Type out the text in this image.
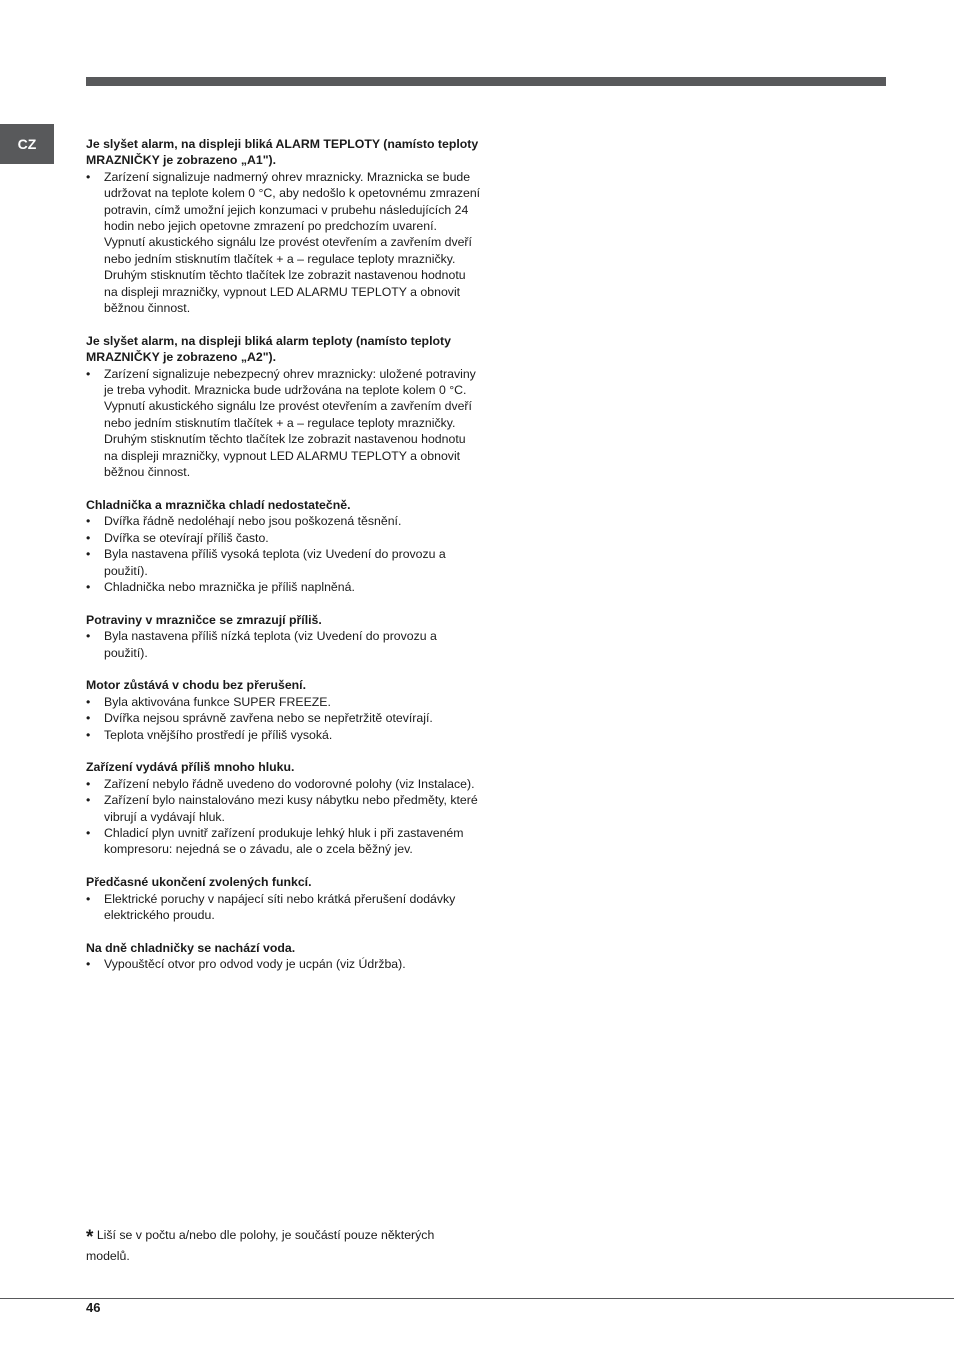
CZ	Je slyšet alarm, na displeji bliká ALARM TEPLOTY (namísto teploty MRAZNIČKY je zobrazeno „A1").

• Zarízení signalizuje nadmerný ohrev mraznicky. Mraznicka se bude udržovat na teplote kolem 0 °C, aby nedošlo k opetovnému zmrazení potravin, címž umožní jejich konzumaci v prubehu následujících 24 hodin nebo jejich opetovne zmrazení po predchozím uvarení. Vypnutí akustického signálu lze provést otevřením a zavřením dveří nebo jedním stisknutím tlačítek + a – regulace teploty mrazničky. Druhým stisknutím těchto tlačítek lze zobrazit nastavenou hodnotu na displeji mrazničky, vypnout LED ALARMU TEPLOTY a obnovit běžnou činnost.

Je slyšet alarm, na displeji bliká alarm teploty (namísto teploty MRAZNIČKY je zobrazeno „A2").

• Zarízení signalizuje nebezpecný ohrev mraznicky: uložené potraviny je treba vyhodit. Mraznicka bude udržována na teplote kolem 0 °C. Vypnutí akustického signálu lze provést otevřením a zavřením dveří nebo jedním stisknutím tlačítek + a – regulace teploty mrazničky. Druhým stisknutím těchto tlačítek lze zobrazit nastavenou hodnotu na displeji mrazničky, vypnout LED ALARMU TEPLOTY a obnovit běžnou činnost.

Chladnička a mraznička chladí nedostatečně.

• Dvířka řádně nedoléhají nebo jsou poškozená těsnění.

• Dvířka se otevírají příliš často.

• Byla nastavena příliš vysoká teplota (viz Uvedení do provozu a použití).

• Chladnička nebo mraznička je příliš naplněná.

Potraviny v mrazničce se zmrazují příliš.

• Byla nastavena příliš nízká teplota (viz Uvedení do provozu a použití).

Motor zůstává v chodu bez přerušení.

• Byla aktivována funkce SUPER FREEZE.

• Dvířka nejsou správně zavřena nebo se nepřetržitě otevírají.

• Teplota vnějšího prostředí je příliš vysoká.

Zařízení vydává příliš mnoho hluku.

• Zařízení nebylo řádně uvedeno do vodorovné polohy (viz Instalace).

• Zařízení bylo nainstalováno mezi kusy nábytku nebo předměty, které vibrují a vydávají hluk.

• Chladicí plyn uvnitř zařízení produkuje lehký hluk i při zastaveném kompresoru: nejedná se o závadu, ale o zcela běžný jev.

Předčasné ukončení zvolených funkcí.

• Elektrické poruchy v napájecí síti nebo krátká přerušení dodávky elektrického proudu.

Na dně chladničky se nachází voda.

• Vypouštěcí otvor pro odvod vody je ucpán (viz Údržba).

* Liší se v počtu a/nebo dle polohy, je součástí pouze některých modelů.
46
